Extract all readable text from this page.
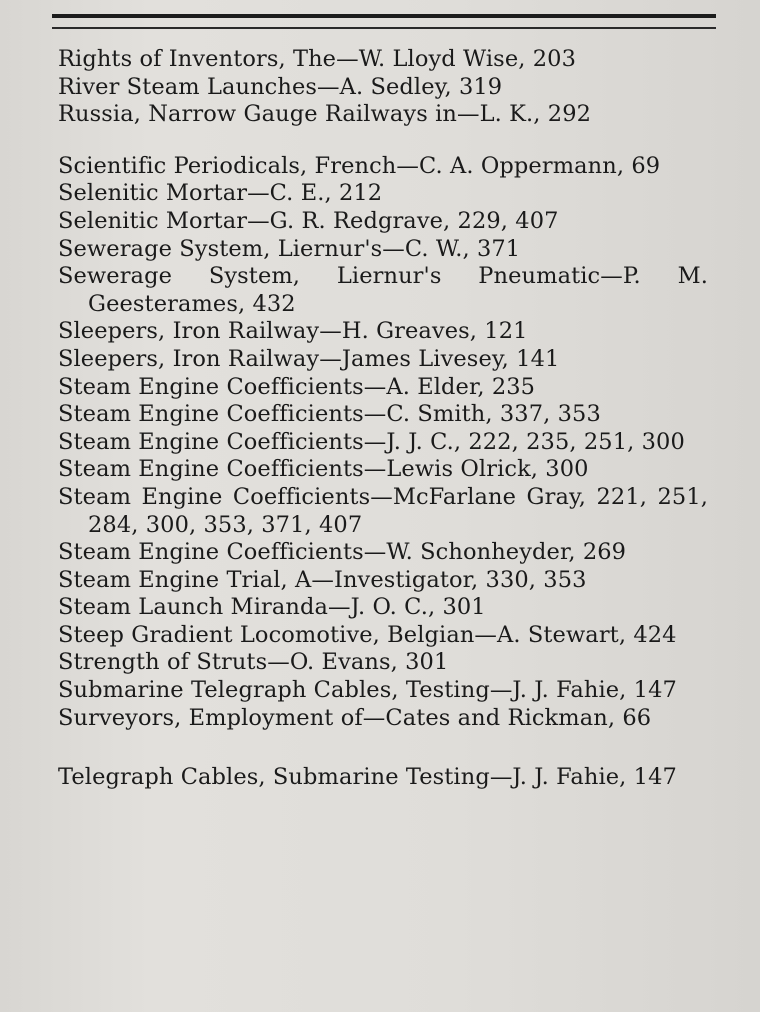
Rights of Inventors, The—W. Lloyd Wise, 203
River Steam Launches—A. Sedley, 319
Russia, Narrow Gauge Railways in—L. K., 292
Scientific Periodicals, French—C. A. Oppermann, 69
Selenitic Mortar—C. E., 212
Selenitic Mortar—G. R. Redgrave, 229, 407
Sewerage System, Liernur's—C. W., 371
Sewerage System, Liernur's Pneumatic—P. M. Geesterames, 432
Sleepers, Iron Railway—H. Greaves, 121
Sleepers, Iron Railway—James Livesey, 141
Steam Engine Coefficients—A. Elder, 235
Steam Engine Coefficients—C. Smith, 337, 353
Steam Engine Coefficients—J. J. C., 222, 235, 251, 300
Steam Engine Coefficients—Lewis Olrick, 300
Steam Engine Coefficients—McFarlane Gray, 221, 251, 284, 300, 353, 371, 407
Steam Engine Coefficients—W. Schonheyder, 269
Steam Engine Trial, A—Investigator, 330, 353
Steam Launch Miranda—J. O. C., 301
Steep Gradient Locomotive, Belgian—A. Stewart, 424
Strength of Struts—O. Evans, 301
Submarine Telegraph Cables, Testing—J. J. Fahie, 147
Surveyors, Employment of—Cates and Rickman, 66
Telegraph Cables, Submarine Testing—J. J. Fahie, 147
